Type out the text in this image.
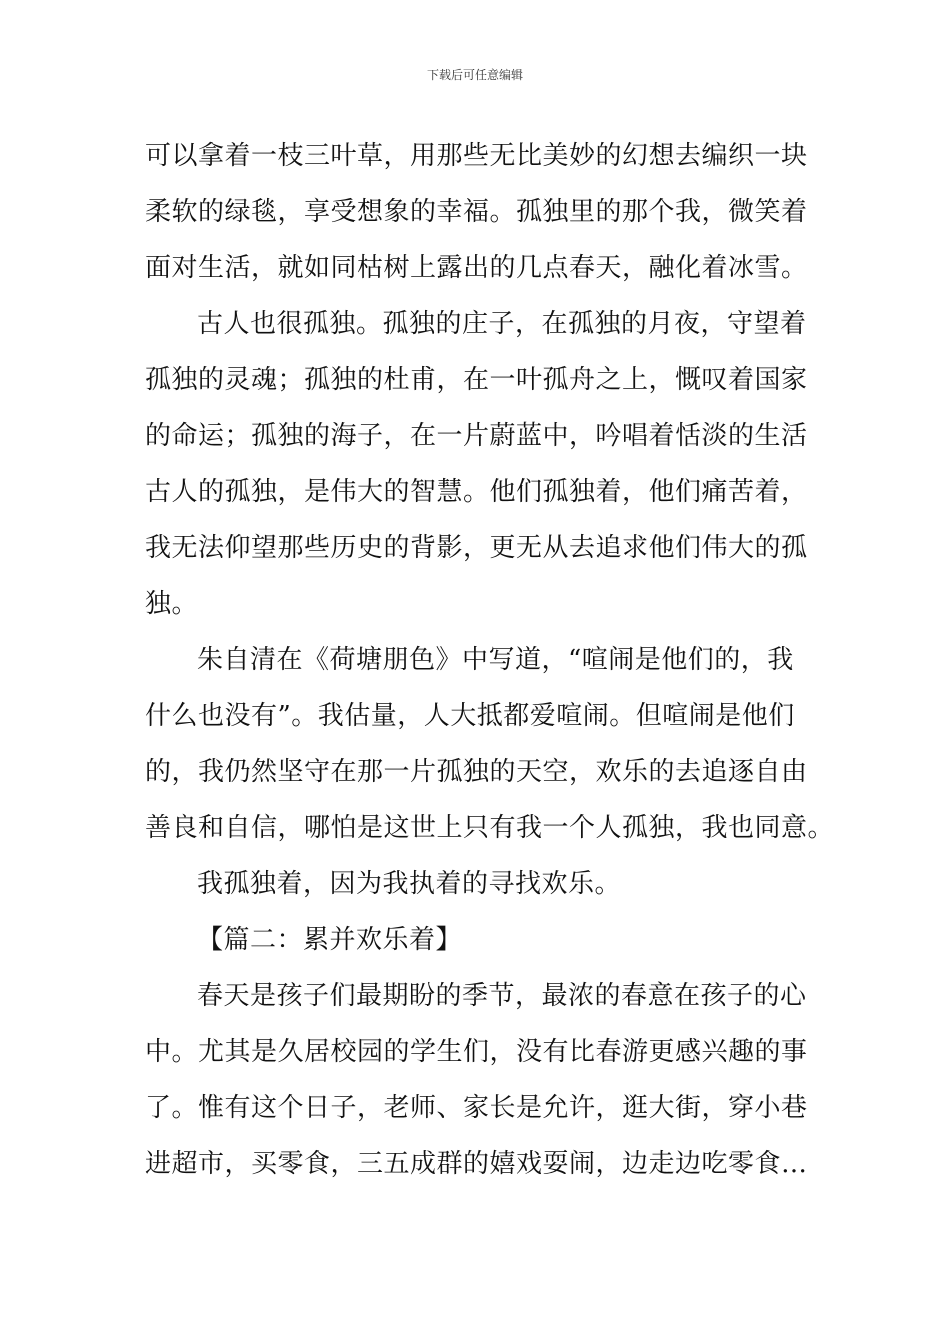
下载后可任意编辑
可以拿着一枝三叶草，用那些无比美妙的幻想去编织一块
柔软的绿毯，享受想象的幸福。孤独里的那个我，微笑着
面对生活，就如同枯树上露出的几点春天，融化着冰雪。
古人也很孤独。孤独的庄子，在孤独的月夜，守望着
孤独的灵魂；孤独的杜甫，在一叶孤舟之上，慨叹着国家
的命运；孤独的海子，在一片蔚蓝中，吟唱着恬淡的生活
古人的孤独，是伟大的智慧。他们孤独着，他们痛苦着，
我无法仰望那些历史的背影，更无从去追求他们伟大的孤
独。
朱自清在《荷塘朋色》中写道，“喧闹是他们的，我
什么也没有”。我估量，人大抵都爱喧闹。但喧闹是他们
的，我仍然坚守在那一片孤独的天空，欢乐的去追逐自由
善良和自信，哪怕是这世上只有我一个人孤独，我也同意。
我孤独着，因为我执着的寻找欢乐。
【篇二：累并欢乐着】
春天是孩子们最期盼的季节，最浓的春意在孩子的心
中。尤其是久居校园的学生们，没有比春游更感兴趣的事
了。惟有这个日子，老师、家长是允许，逛大街，穿小巷
进超市，买零食，三五成群的嬉戏耍闹，边走边吃零食…
